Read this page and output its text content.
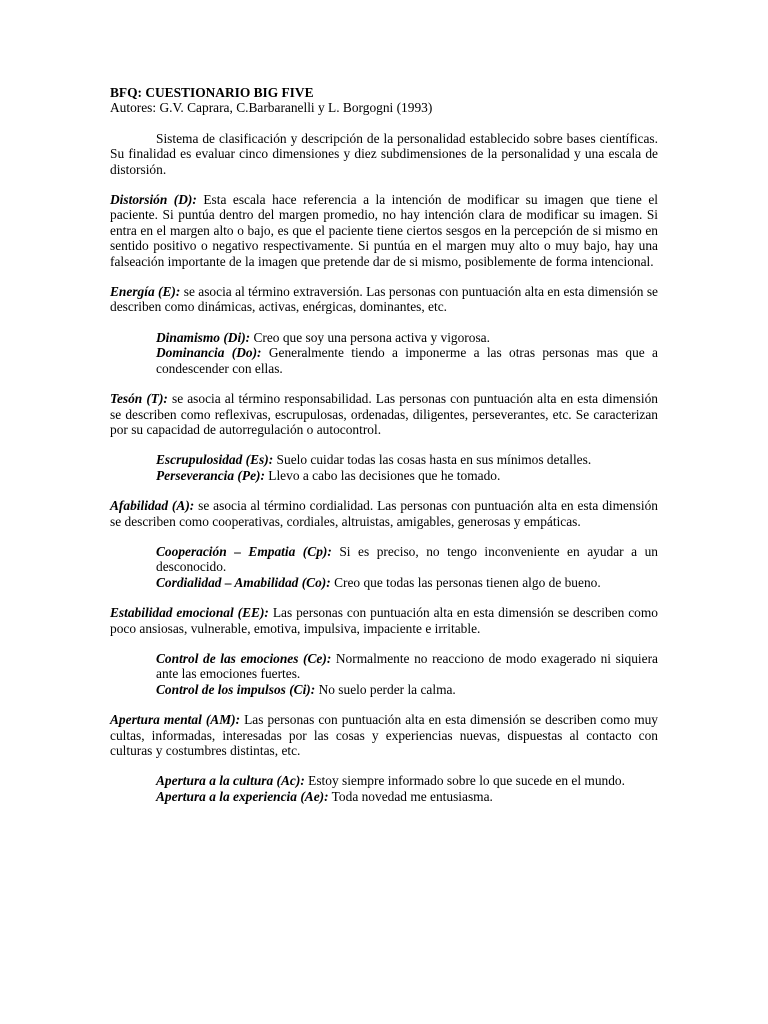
BFQ: CUESTIONARIO BIG FIVE
Autores: G.V. Caprara, C.Barbaranelli y L. Borgogni (1993)

Sistema de clasificación y descripción de la personalidad establecido sobre bases científicas. Su finalidad es evaluar cinco dimensiones y diez subdimensiones de la personalidad y una escala de distorsión.

Distorsión (D): Esta escala hace referencia a la intención de modificar su imagen que tiene el paciente. Si puntúa dentro del margen promedio, no hay intención clara de modificar su imagen. Si entra en el margen alto o bajo, es que el paciente tiene ciertos sesgos en la percepción de si mismo en sentido positivo o negativo respectivamente. Si puntúa en el margen muy alto o muy bajo, hay una falseación importante de la imagen que pretende dar de si mismo, posiblemente de forma intencional.

Energía (E): se asocia al término extraversión. Las personas con puntuación alta en esta dimensión se describen como dinámicas, activas, enérgicas, dominantes, etc.

Dinamismo (Di): Creo que soy una persona activa y vigorosa.
Dominancia (Do): Generalmente tiendo a imponerme a las otras personas mas que a condescender con ellas.

Tesón (T): se asocia al término responsabilidad. Las personas con puntuación alta en esta dimensión se describen como reflexivas, escrupulosas, ordenadas, diligentes, perseverantes, etc. Se caracterizan por su capacidad de autorregulación o autocontrol.

Escrupulosidad (Es): Suelo cuidar todas las cosas hasta en sus mínimos detalles.
Perseverancia (Pe): Llevo a cabo las decisiones que he tomado.

Afabilidad (A): se asocia al término cordialidad. Las personas con puntuación alta en esta dimensión se describen como cooperativas, cordiales, altruistas, amigables, generosas y empáticas.

Cooperación – Empatia (Cp): Si es preciso, no tengo inconveniente en ayudar a un desconocido.
Cordialidad – Amabilidad (Co): Creo que todas las personas tienen algo de bueno.

Estabilidad emocional (EE): Las personas con puntuación alta en esta dimensión se describen como poco ansiosas, vulnerable, emotiva, impulsiva, impaciente e irritable.

Control de las emociones (Ce): Normalmente no reacciono de modo exagerado ni siquiera ante las emociones fuertes.
Control de los impulsos (Ci): No suelo perder la calma.

Apertura mental (AM): Las personas con puntuación alta en esta dimensión se describen como muy cultas, informadas, interesadas por las cosas y experiencias nuevas, dispuestas al contacto con culturas y costumbres distintas, etc.

Apertura a la cultura (Ac): Estoy siempre informado sobre lo que sucede en el mundo.
Apertura a la experiencia (Ae): Toda novedad me entusiasma.
